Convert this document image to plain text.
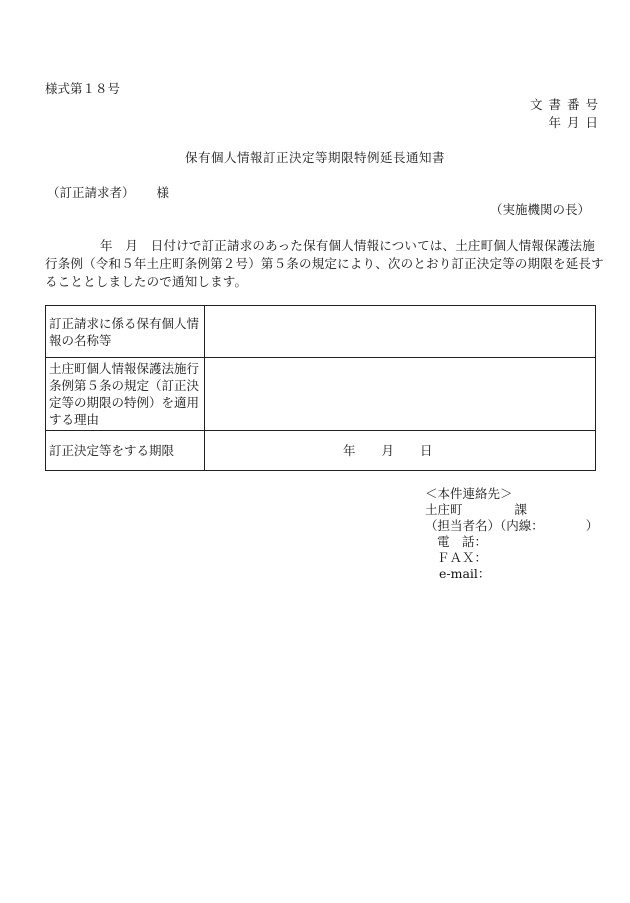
様式第１８号
文書番号
年月日
保有個人情報訂正決定等期限特例延長通知書
（訂正請求者） 様
（実施機関の長）
年　月　日付けで訂正請求のあった保有個人情報については、土庄町個人情報保護法施行条例（令和５年土庄町条例第２号）第５条の規定により、次のとおり訂正決定等の期限を延長することとしましたので通知します。
訂正請求に係る保有個人情報の名称等	
土庄町個人情報保護法施行条例第５条の規定（訂正決定等の期限の特例）を適用する理由	
訂正決定等をする期限	年 月 日
＜本件連絡先＞
土庄町	課
（担当者名）（内線：	）
電　話：
ＦＡＸ：
e-mail：
